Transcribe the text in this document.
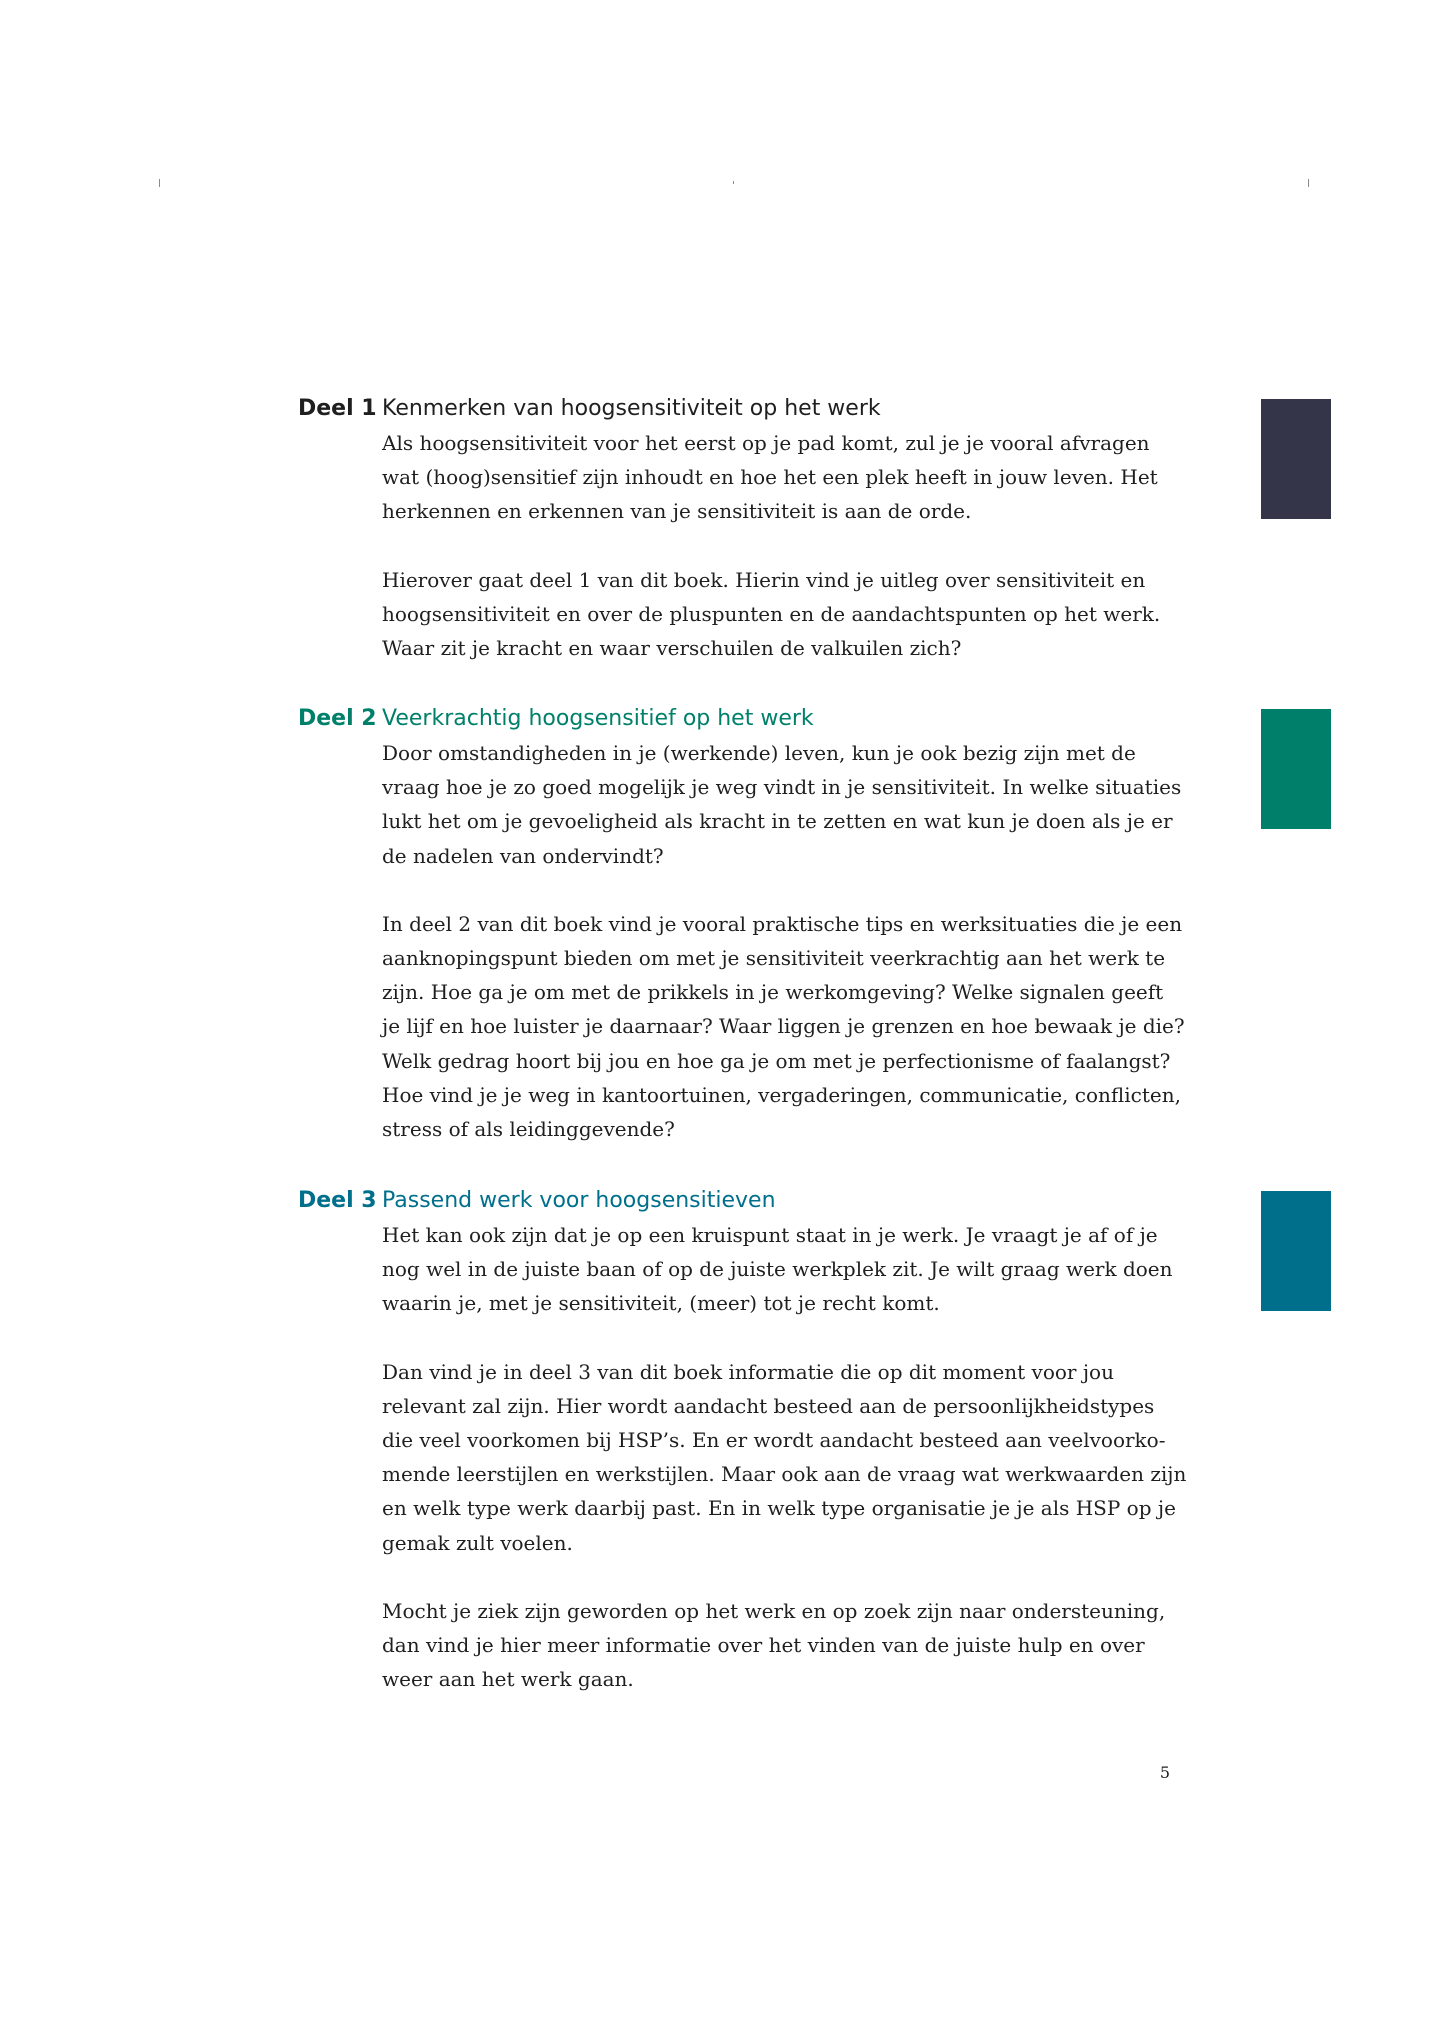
Deel 1 Kenmerken van hoogsensitiviteit op het werk

Als hoogsensitiviteit voor het eerst op je pad komt, zul je je vooral afvragen
wat (hoog)sensitief zijn inhoudt en hoe het een plek heeft in jouw leven. Het
herkennen en erkennen van je sensitiviteit is aan de orde.

Hierover gaat deel 1 van dit boek. Hierin vind je uitleg over sensitiviteit en
hoogsensitiviteit en over de pluspunten en de aandachtspunten op het werk.
Waar zit je kracht en waar verschuilen de valkuilen zich?

Deel 2 Veerkrachtig hoogsensitief op het werk

Door omstandigheden in je (werkende) leven, kun je ook bezig zijn met de
vraag hoe je zo goed mogelijk je weg vindt in je sensitiviteit. In welke situaties
lukt het om je gevoeligheid als kracht in te zetten en wat kun je doen als je er
de nadelen van ondervindt?

In deel 2 van dit boek vind je vooral praktische tips en werksituaties die je een
aanknopingspunt bieden om met je sensitiviteit veerkrachtig aan het werk te
zijn. Hoe ga je om met de prikkels in je werkomgeving? Welke signalen geeft
je lijf en hoe luister je daarnaar? Waar liggen je grenzen en hoe bewaak je die?
Welk gedrag hoort bij jou en hoe ga je om met je perfectionisme of faalangst?
Hoe vind je je weg in kantoortuinen, vergaderingen, communicatie, conflicten,
stress of als leidinggevende?

Deel 3 Passend werk voor hoogsensitieven

Het kan ook zijn dat je op een kruispunt staat in je werk. Je vraagt je af of je
nog wel in de juiste baan of op de juiste werkplek zit. Je wilt graag werk doen
waarin je, met je sensitiviteit, (meer) tot je recht komt.

Dan vind je in deel 3 van dit boek informatie die op dit moment voor jou
relevant zal zijn. Hier wordt aandacht besteed aan de persoonlijkheidstypes
die veel voorkomen bij HSP’s. En er wordt aandacht besteed aan veelvoorko-
mende leerstijlen en werkstijlen. Maar ook aan de vraag wat werkwaarden zijn
en welk type werk daarbij past. En in welk type organisatie je je als HSP op je
gemak zult voelen.

Mocht je ziek zijn geworden op het werk en op zoek zijn naar ondersteuning,
dan vind je hier meer informatie over het vinden van de juiste hulp en over
weer aan het werk gaan.

5
